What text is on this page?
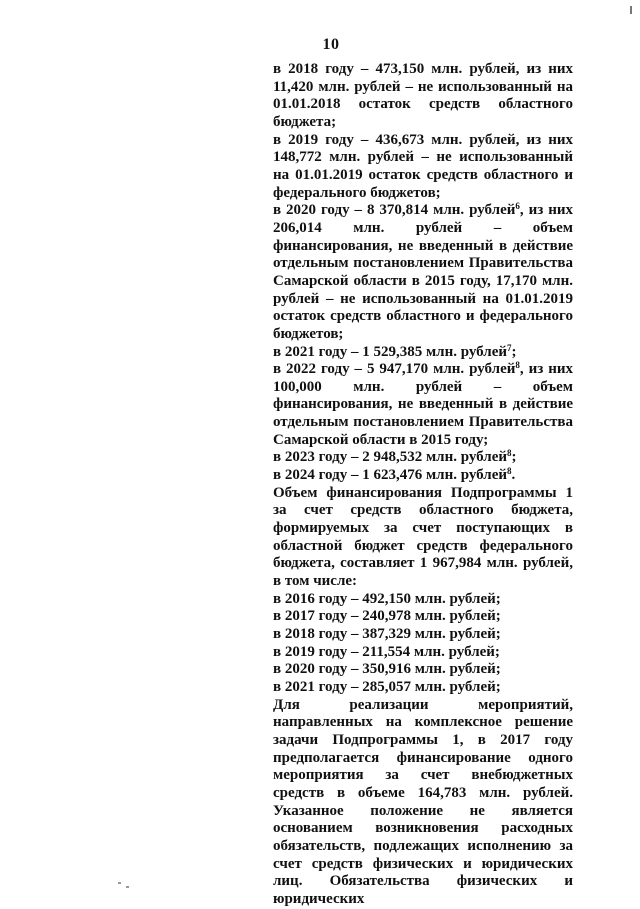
10

в 2018 году – 473,150 млн. рублей, из них 11,420 млн. рублей – не использованный на 01.01.2018 остаток средств областного бюджета;

в 2019 году – 436,673 млн. рублей, из них 148,772 млн. рублей – не использованный на 01.01.2019 остаток средств областного и федерального бюджетов;

в 2020 году – 8 370,814 млн. рублей$^6$, из них 206,014 млн. рублей – объем финансирования, не введенный в действие отдельным постановлением Правительства Самарской области в 2015 году, 17,170 млн. рублей – не использованный на 01.01.2019 остаток средств областного и федерального бюджетов;

в 2021 году – 1 529,385 млн. рублей$^7$;

в 2022 году – 5 947,170 млн. рублей$^8$, из них 100,000 млн. рублей – объем финансирования, не введенный в действие отдельным постановлением Правительства Самарской области в 2015 году;

в 2023 году – 2 948,532 млн. рублей$^8$;

в 2024 году – 1 623,476 млн. рублей$^8$.

Объем финансирования Подпрограммы 1 за счет средств областного бюджета, формируемых за счет поступающих в областной бюджет средств федерального бюджета, составляет 1 967,984 млн. рублей, в том числе:

в 2016 году – 492,150 млн. рублей;

в 2017 году – 240,978 млн. рублей;

в 2018 году – 387,329 млн. рублей;

в 2019 году – 211,554 млн. рублей;

в 2020 году – 350,916 млн. рублей;

в 2021 году – 285,057 млн. рублей;

Для реализации мероприятий, направленных на комплексное решение задачи Подпрограммы 1, в 2017 году предполагается финансирование одного мероприятия за счет внебюджетных средств в объеме 164,783 млн. рублей. Указанное положение не является основанием возникновения расходных обязательств, подлежащих исполнению за счет средств физических и юридических лиц. Обязательства физических и юридических
